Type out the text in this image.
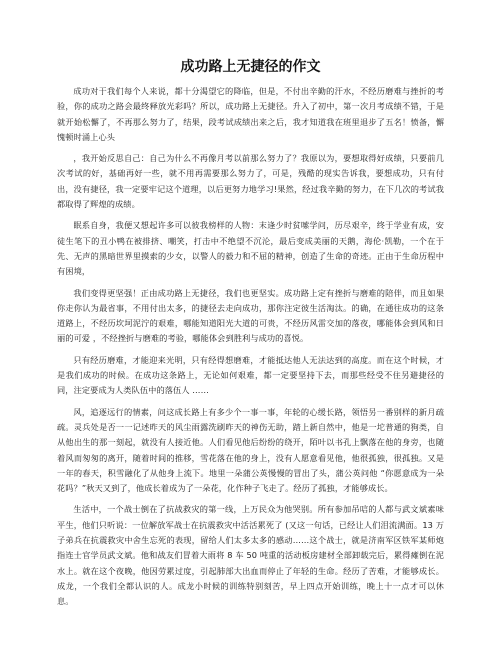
成功路上无捷径的作文

成功对于我们每个人来说，都十分渴望它的降临，但是，不付出辛勤的汗水，不经历磨难与挫折的考验，你的成功之路会最终释放光彩吗？所以，成功路上无捷径。升入了初中，第一次月考成绩不错，于是就开始松懈了，不再那么努力了，结果，段考试成绩出来之后，我才知道我在班里退步了五名！愤备，懈愧顿时涌上心头

，我开始反思自己：自己为什么不再像月考以前那么努力了？我原以为，要想取得好成绩，只要前几次考试的好，基础再好一些，就不用再需要那么努力了，可是，残酷的现实告诉我，要想成功，只有付出，没有捷径，我一定要牢记这个道理，以后更努力地学习!果然，经过我辛勤的努力，在下几次的考试我都取得了辉煌的成绩。

眠系自身，我便又想起许多可以彼我榜样的人物：末逢少时贫嗦学问，历尽艰辛，终于学业有成，安徒生笔下的丑小鸭在被排挤、嘲笑，打击中不绝望不沉沦，最后变成美丽的天鹅，海伦·凯勒，一个在于先、无声的黑暗世界里摸索的少女，以警人的毅力和不屈的精神，创造了生命的奇迹。正由于生命历程中有困境，

我们变得更坚强！正由成功路上无捷径，我们也更坚实。成功路上定有挫折与磨难的陪伴，而且如果你走你认为最省事，不用付出太多，的捷径去走向成功，那你注定彼生活淘汰。的确，在通往成功的这条道路上，不经历坎坷泥泞的艰难，哪能知道阳光大道的可贵，不经历风雷交加的落夜，哪能体会到风和日丽的可爱 ，不经挫折与磨难的考验，哪能体会到胜利与成功的喜悦。

只有经历磨难，才能迎来光明，只有经得想磨难，才能抵达他人无法达到的高度。而在这个时候，才是我们成功的时候。在成功这条路上，无论如何艰难，都一定要坚持下去，而那些经受不住另避捷径的同，注定要成为人类队伍中的落伍人 ……

风，追逐远行的情素，问这成长路上有多少个一事一事，年轮的心缓长路，领悟另一番别样的新月疏疏。灵兵处是否一一记述昨天的风尘雨露洗刷昨天的神伤无助，踏上新自然中，他是一坨普通的狗类，自从他出生的那一刻起，就没有人接近他。人们看见他后纷纷的绕开，陌叶以书孔上飘落在他的身旁，也随着风而匆匆的离开，随着时间的推移，雪花落在他的身上，没有人愿意看见他，他很孤独，很孤独。又是一年的春天，积雪融化了从他身上流下。地里一朵蒲公英慢慢的冒出了头，蒲公英问他 “你愿意成为一朵花吗？”秋天又到了，他成长着成为了一朵花，化作种子飞走了。经历了孤独，才能够成长。

生活中，一个战士倒在了抗战救灾的第一线，上万民众为他哭别。所有参加吊唁的人都与武文斌素味平生，他们只听说：一位解放军战士在抗震救灾中活活累死了 (又这一句话，已经让人们泪流满面。13 万子弟兵在抗震救灾中舍生忘死的表现，留给人们太多太多的感动……这个战士，就是济南军区铁军某师炮指连士官学员武文斌。他和战友们冒着大雨将 8 车 50 吨重的活动板房建材全部卸载完后，累得瘫倒在泥水上。就在这个夜晚，他因劳累过度，引起肺部大出血而停止了年轻的生命。经历了苦难，才能够成长。成龙，一个我们全都认识的人。成龙小时候的训练特别刻苦，早上四点开始训练，晚上十一点才可以休息。
